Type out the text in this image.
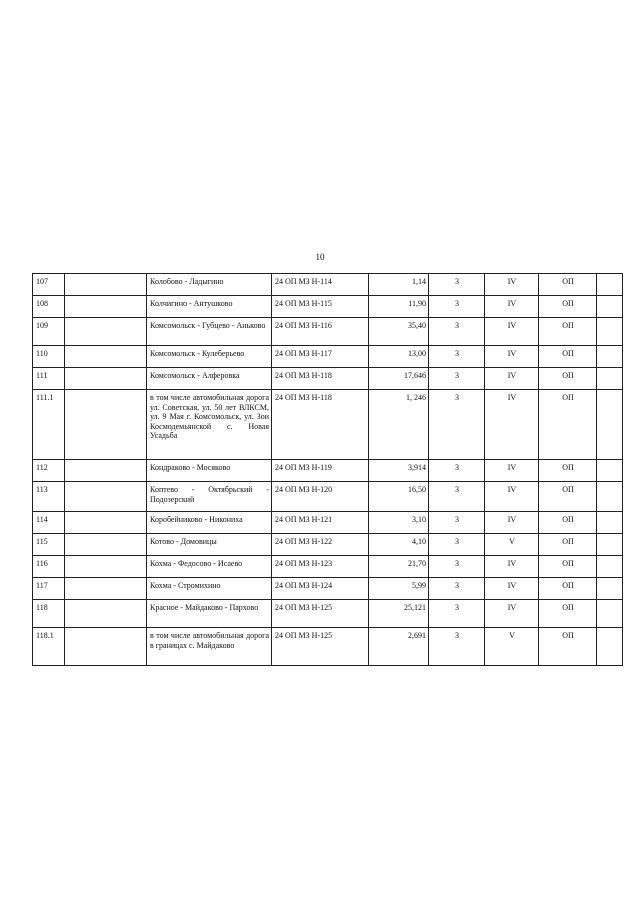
10
107		Колобово - Ладыгино	24 ОП МЗ Н-114	1,14	3	IV	ОП	
108		Колчигино - Антушково	24 ОП МЗ Н-115	11,90	3	IV	ОП	
109		Комсомольск - Губцево - Аньково	24 ОП МЗ Н-116	35,40	3	IV	ОП	
110		Комсомольск - Кулеберьево	24 ОП МЗ Н-117	13,00	3	IV	ОП	
111		Комсомольск - Алферовка	24 ОП МЗ Н-118	17,646	3	IV	ОП	
111.1		в том числе автомобильная дорога ул. Советская, ул. 50 лет ВЛКСМ, ул. 9 Мая г. Комсомольск, ул. Зои Космодемьянской с. Новая Усадьба	24 ОП МЗ Н-118	1, 246	3	IV	ОП	
112		Кондраково - Мосяково	24 ОП МЗ Н-119	3,914	3	IV	ОП	
113		Коптево - Октябрьский - Подозерский	24 ОП МЗ Н-120	16,50	3	IV	ОП	
114		Коробейниково - Никониха	24 ОП МЗ Н-121	3,10	3	IV	ОП	
115		Котово - Домовицы	24 ОП МЗ Н-122	4,10	3	V	ОП	
116		Кохма - Федосово - Исаево	24 ОП МЗ Н-123	21,70	3	IV	ОП	
117		Кохма - Стромихино	24 ОП МЗ Н-124	5,99	3	IV	ОП	
118		Красное - Майдаково - Пархово	24 ОП МЗ Н-125	25,121	3	IV	ОП	
118.1		в том числе автомобильная дорога в границах с. Майдаково	24 ОП МЗ Н-125	2,691	3	V	ОП	
